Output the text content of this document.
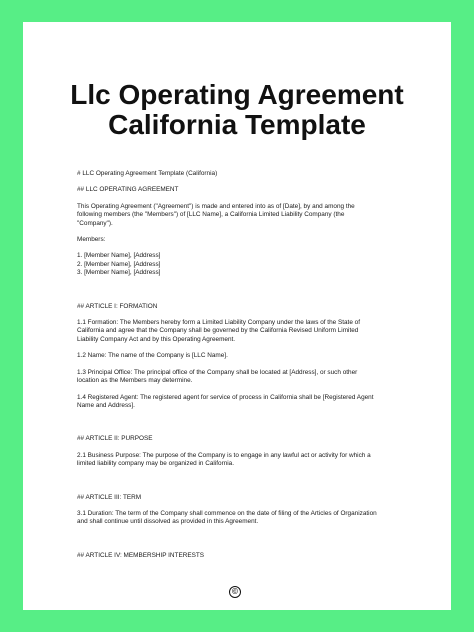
Llc Operating Agreement
California Template

# LLC Operating Agreement Template (California)

## LLC OPERATING AGREEMENT

This Operating Agreement ("Agreement") is made and entered into as of [Date], by and among the

following members (the "Members") of [LLC Name], a California Limited Liability Company (the

"Company").

Members:

1. [Member Name], [Address]

2. [Member Name], [Address]

3. [Member Name], [Address]

## ARTICLE I: FORMATION

1.1 Formation: The Members hereby form a Limited Liability Company under the laws of the State of

California and agree that the Company shall be governed by the California Revised Uniform Limited

Liability Company Act and by this Operating Agreement.

1.2 Name: The name of the Company is [LLC Name].

1.3 Principal Office: The principal office of the Company shall be located at [Address], or such other

location as the Members may determine.

1.4 Registered Agent: The registered agent for service of process in California shall be [Registered Agent

Name and Address].

## ARTICLE II: PURPOSE

2.1 Business Purpose: The purpose of the Company is to engage in any lawful act or activity for which a

limited liability company may be organized in California.

## ARTICLE III: TERM

3.1 Duration: The term of the Company shall commence on the date of filing of the Articles of Organization

and shall continue until dissolved as provided in this Agreement.

## ARTICLE IV: MEMBERSHIP INTERESTS

©
